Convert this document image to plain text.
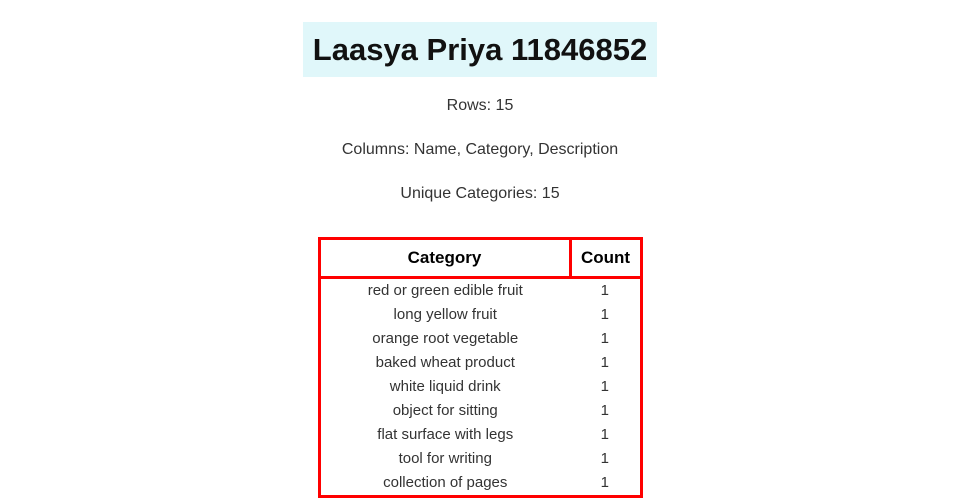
Laasya Priya 11846852

Rows: 15

Columns: Name, Category, Description

Unique Categories: 15

Category	Count
red or green edible fruit	1
long yellow fruit	1
orange root vegetable	1
baked wheat product	1
white liquid drink	1
object for sitting	1
flat surface with legs	1
tool for writing	1
collection of pages	1
